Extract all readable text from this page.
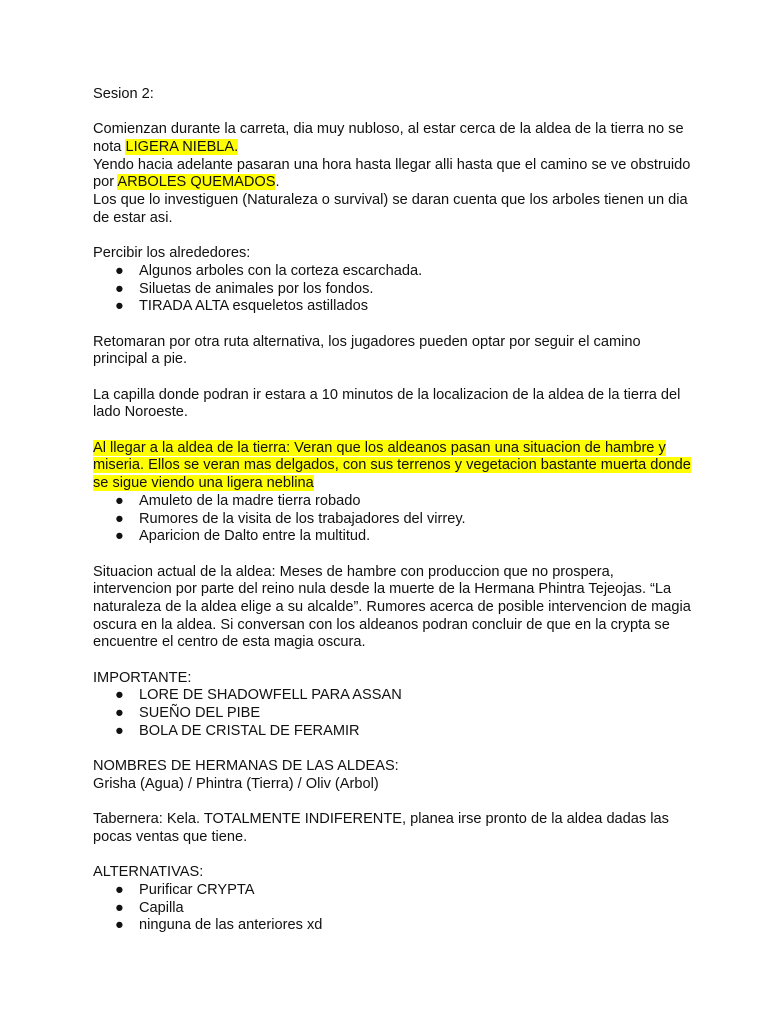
Sesion 2:
Comienzan durante la carreta, dia muy nubloso, al estar cerca de la aldea de la tierra no se
nota LIGERA NIEBLA.
Yendo hacia adelante pasaran una hora hasta llegar alli hasta que el camino se ve obstruido
por ARBOLES QUEMADOS.
Los que lo investiguen (Naturaleza o survival) se daran cuenta que los arboles tienen un dia
de estar asi.
Percibir los alrededores:
● Algunos arboles con la corteza escarchada.
● Siluetas de animales por los fondos.
● TIRADA ALTA esqueletos astillados
Retomaran por otra ruta alternativa, los jugadores pueden optar por seguir el camino
principal a pie.
La capilla donde podran ir estara a 10 minutos de la localizacion de la aldea de la tierra del
lado Noroeste.
Al llegar a la aldea de la tierra: Veran que los aldeanos pasan una situacion de hambre y
miseria. Ellos se veran mas delgados, con sus terrenos y vegetacion bastante muerta donde
se sigue viendo una ligera neblina
● Amuleto de la madre tierra robado
● Rumores de la visita de los trabajadores del virrey.
● Aparicion de Dalto entre la multitud.
Situacion actual de la aldea: Meses de hambre con produccion que no prospera,
intervencion por parte del reino nula desde la muerte de la Hermana Phintra Tejeojas. “La
naturaleza de la aldea elige a su alcalde”. Rumores acerca de posible intervencion de magia
oscura en la aldea. Si conversan con los aldeanos podran concluir de que en la crypta se
encuentre el centro de esta magia oscura.
IMPORTANTE:
● LORE DE SHADOWFELL PARA ASSAN
● SUEÑO DEL PIBE
● BOLA DE CRISTAL DE FERAMIR
NOMBRES DE HERMANAS DE LAS ALDEAS:
Grisha (Agua) / Phintra (Tierra) / Oliv (Arbol)
Tabernera: Kela. TOTALMENTE INDIFERENTE, planea irse pronto de la aldea dadas las
pocas ventas que tiene.
ALTERNATIVAS:
● Purificar CRYPTA
● Capilla
● ninguna de las anteriores xd
